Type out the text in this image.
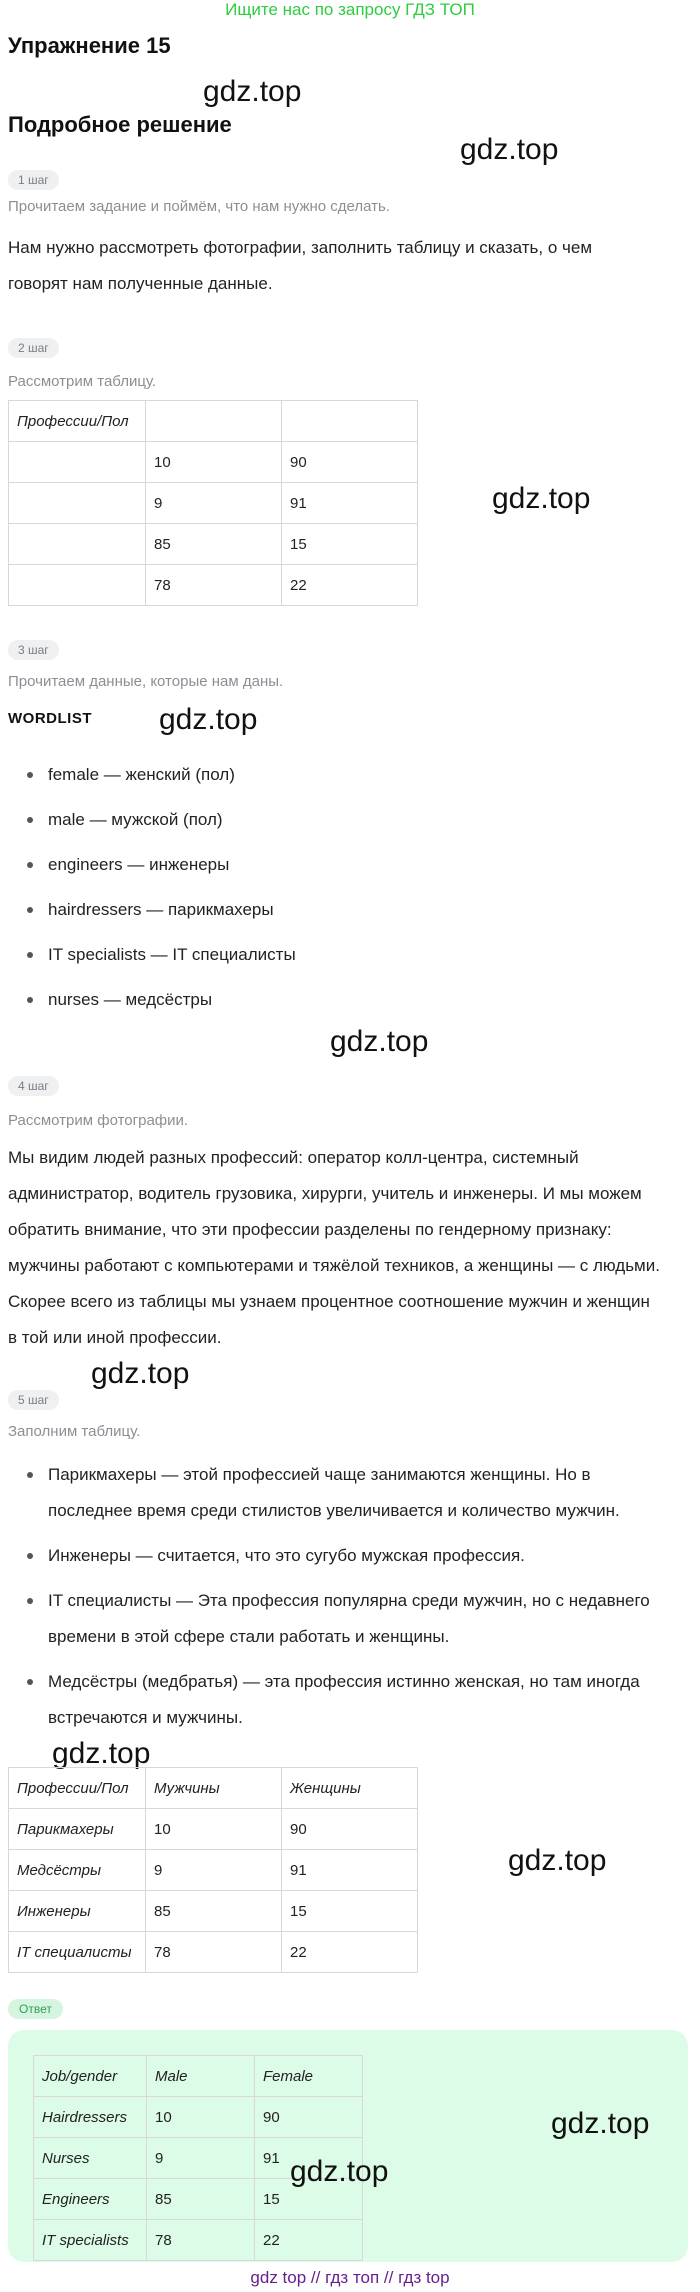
Ищите нас по запросу ГДЗ ТОП
Упражнение 15
Подробное решение
gdz.top
gdz.top
gdz.top
gdz.top
gdz.top
gdz.top
gdz.top
gdz.top
1 шаг
Прочитаем задание и поймём, что нам нужно сделать.
Нам нужно рассмотреть фотографии, заполнить таблицу и сказать, о чем говорят нам полученные данные.
2 шаг
Рассмотрим таблицу.
Профессии/Пол		
	10	90
	9	91
	85	15
	78	22
3 шаг
Прочитаем данные, которые нам даны.
WORDLIST
female — женский (пол)
male — мужской (пол)
engineers — инженеры
hairdressers — парикмахеры
IT specialists — IT специалисты
nurses — медсёстры
4 шаг
Рассмотрим фотографии.
Мы видим людей разных профессий: оператор колл-центра, системный администратор, водитель грузовика, хирурги, учитель и инженеры. И мы можем обратить внимание, что эти профессии разделены по гендерному признаку: мужчины работают с компьютерами и тяжёлой техников, а женщины — с людьми. Скорее всего из таблицы мы узнаем процентное соотношение мужчин и женщин в той или иной профессии.
5 шаг
Заполним таблицу.
Парикмахеры — этой профессией чаще занимаются женщины. Но в последнее время среди стилистов увеличивается и количество мужчин.
Инженеры — считается, что это сугубо мужская профессия.
IT специалисты — Эта профессия популярна среди мужчин, но с недавнего времени в этой сфере стали работать и женщины.
Медсёстры (медбратья) — эта профессия истинно женская, но там иногда встречаются и мужчины.
Профессии/Пол	Мужчины	Женщины
Парикмахеры	10	90
Медсёстры	9	91
Инженеры	85	15
IT специалисты	78	22
Ответ
Job/gender	Male	Female
Hairdressers	10	90
Nurses	9	91
Engineers	85	15
IT specialists	78	22
gdz.top
gdz.top
gdz top // гдз топ // гдз top
